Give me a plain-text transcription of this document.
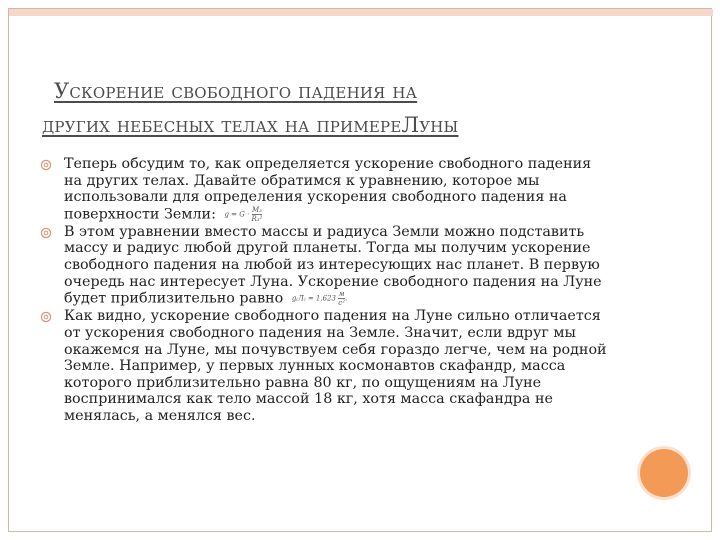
Ускорение свободного падения на
других небесных телах на примереЛуны
Теперь обсудим то, как определяется ускорение свободного падения на других телах. Давайте обратимся к уравнению, которое мы использовали для определения ускорения свободного падения на поверхности Земли: $g = G \cdot \frac{\text{M₃}}{\text{R₃²}}$
В этом уравнении вместо массы и радиуса Земли можно подставить массу и радиус любой другой планеты. Тогда мы получим ускорение свободного падения на любой из интересующих нас планет. В первую очередь нас интересует Луна. Ускорение свободного падения на Луне будет приблизительно равно $g_(Л_) = 1,623 \frac{м}{\text{с²}}$ .
Как видно, ускорение свободного падения на Луне сильно отличается от ускорения свободного падения на Земле. Значит, если вдруг мы окажемся на Луне, мы почувствуем себя гораздо легче, чем на родной Земле. Например, у первых лунных космонавтов скафандр, масса которого приблизительно равна 80 кг, по ощущениям на Луне воспринимался как тело массой 18 кг, хотя масса скафандра не менялась, а менялся вес.
